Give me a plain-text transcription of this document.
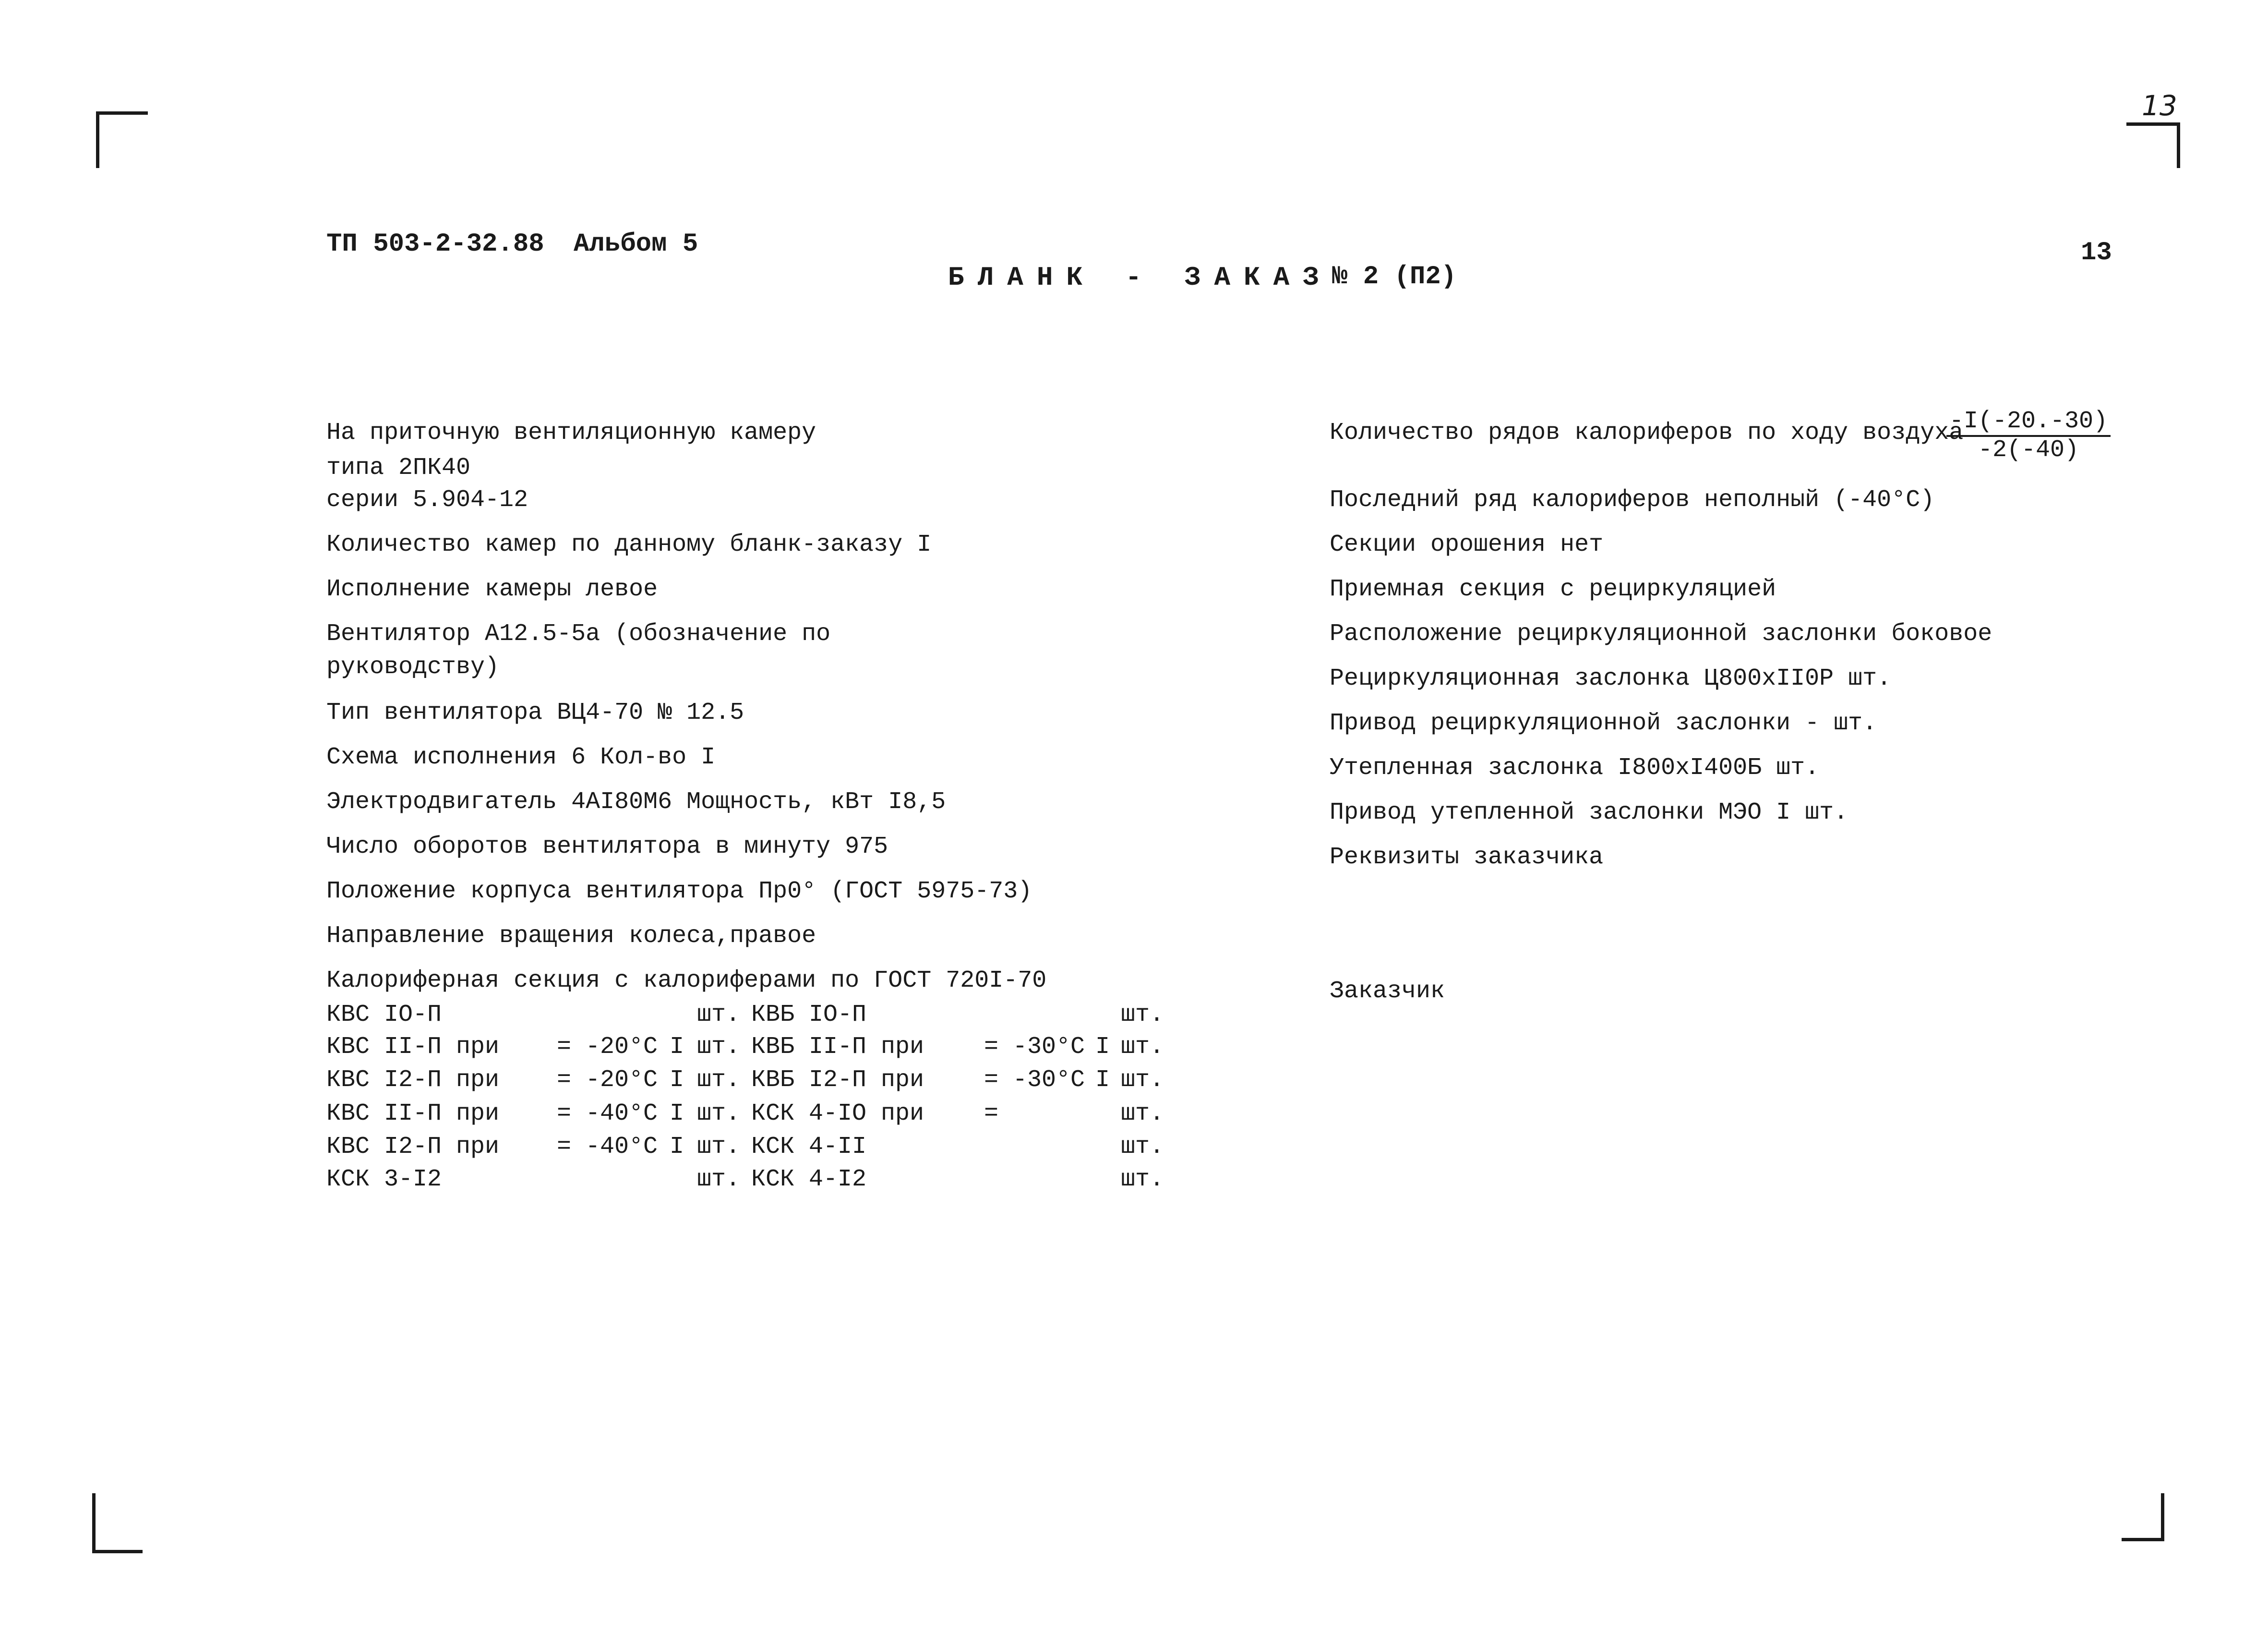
13
ТП 503-2-32.88 Альбом 5
БЛАНК - ЗАКАЗ № 2 (П2)
13
На приточную вентиляционную камеру
типа 2ПК40
серии 5.904-12
Количество камер по данному бланк-заказу I
Исполнение камеры левое
Вентилятор А12.5-5а (обозначение по
руководству)
Тип вентилятора ВЦ4-70 № 12.5
Схема исполнения 6 Кол-во I
Электродвигатель 4АI80М6 Мощность, кВт I8,5
Число оборотов вентилятора в минуту 975
Положение корпуса вентилятора Пр0° (ГОСТ 5975-73)
Направление вращения колеса,правое
Калориферная секция с калориферами по ГОСТ 720I-70
КВС IO-П	шт. КВБ IO-П	шт.
КВС II-П при = -20°С I шт. КВБ II-П при = -30°С I шт.
КВС I2-П при = -20°С I шт. КВБ I2-П при = -30°С I шт.
КВС II-П при = -40°С I шт. КСК 4-IO при =	шт.
КВС I2-П при = -40°С I шт. КСК 4-II	шт.
КСК 3-I2	шт. КСК 4-I2	шт.
Количество рядов калориферов по ходу воздуха
$\frac{-I(-20.-30)}{-2(-40)}$
Последний ряд калориферов неполный (-40°С)
Секции орошения нет
Приемная секция с рециркуляцией
Расположение рециркуляционной заслонки боковое
Рециркуляционная заслонка Ц800хII0Р шт.
Привод рециркуляционной заслонки - шт.
Утепленная заслонка I800хI400Б шт.
Привод утепленной заслонки МЭО I шт.
Реквизиты заказчика
Заказчик
